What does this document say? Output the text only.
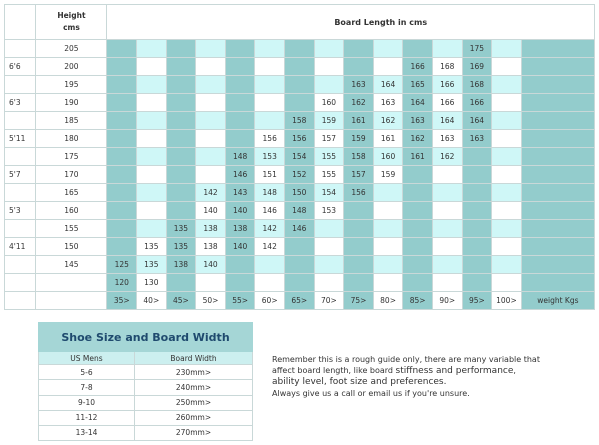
	Height
cms	Board Length in cms														
	205													175		
6'6	200											166	168	169		
	195									163	164	165	166	168		
6'3	190								160	162	163	164	166	166		
	185							158	159	161	162	163	164	164		
5'11	180						156	156	157	159	161	162	163	163		
	175					148	153	154	155	158	160	161	162			
5'7	170					146	151	152	155	157	159					
	165				142	143	148	150	154	156						
5'3	160				140	140	146	148	153							
	155			135	138	138	142	146								
4'11	150		135	135	138	140	142									
	145	125	135	138	140											
		120	130													
		35>	40>	45>	50>	55>	60>	65>	70>	75>	80>	85>	90>	95>	100>	weight Kgs
Shoe Size and Board Width	
US Mens	Board Width
5-6	230mm>
7-8	240mm>
9-10	250mm>
11-12	260mm>
13-14	270mm>
Remember this is a rough guide only, there are many variable that
affect board length, like board stiffness and performance,
ability level, foot size and preferences.
Always give us a call or email us if you're unsure.
